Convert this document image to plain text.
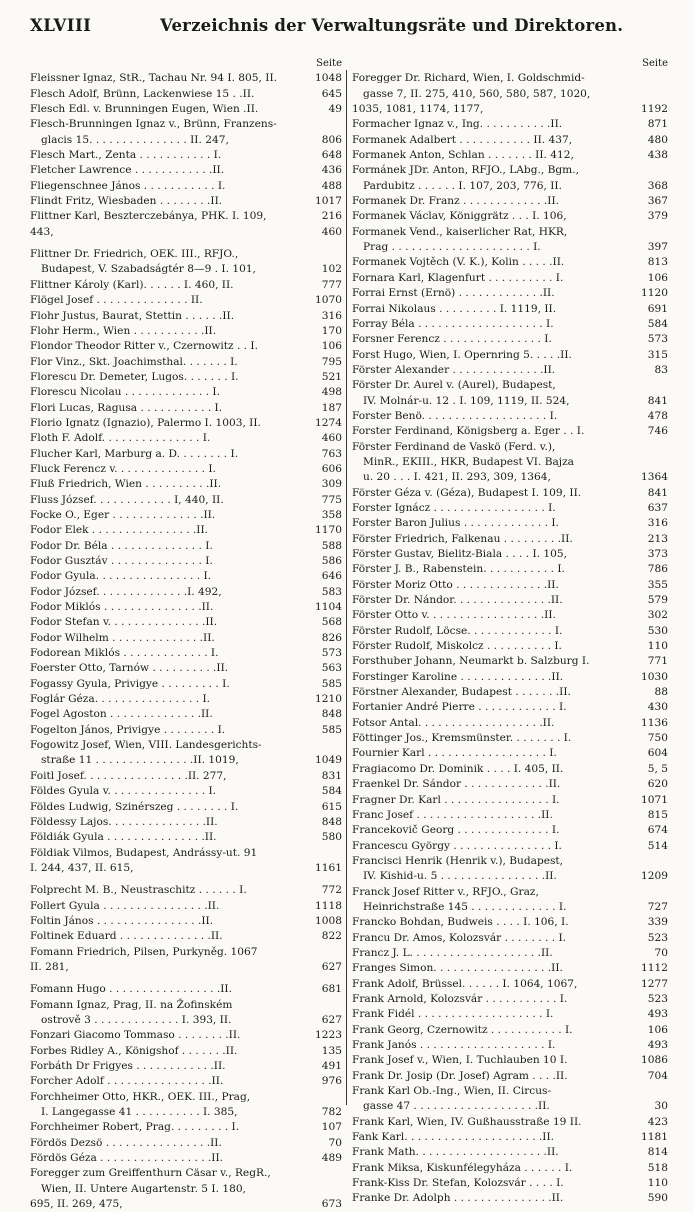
XLVIII	Verzeichnis der Verwaltungsräte und Direktoren.
Seite
Fleissner Ignaz, StR., Tachau Nr. 94 I. 805, II.	1048
Flesch Adolf, Brünn, Lackenwiese 15 . .II.	645
Flesch Edl. v. Brunningen Eugen, Wien .II.	49
Flesch-Brunningen Ignaz v., Brünn, Franzens-
glacis 15. . . . . . . . . . . . . . . II. 247,	806
Flesch Mart., Zenta . . . . . . . . . . . I.	648
Fletcher Lawrence . . . . . . . . . . . .II.	436
Fliegenschnee János . . . . . . . . . . . I.	488
Flindt Fritz, Wiesbaden . . . . . . . .II.	1017
Flittner Karl, Beszterczebánya, PHK. I. 109,	216
443,	460
Flittner Dr. Friedrich, OEK. III., RFJO.,
Budapest, V. Szabadságtér 8—9 . I. 101,	102
Flittner Károly (Karl). . . . . . I. 460, II.	777
Flögel Josef . . . . . . . . . . . . . . II.	1070
Flohr Justus, Baurat, Stettin . . . . . .II.	316
Flohr Herm., Wien . . . . . . . . . . .II.	170
Flondor Theodor Ritter v., Czernowitz . . I.	106
Flor Vinz., Skt. Joachimsthal. . . . . . . I.	795
Florescu Dr. Demeter, Lugos. . . . . . . I.	521
Florescu Nicolau . . . . . . . . . . . . . I.	498
Flori Lucas, Ragusa . . . . . . . . . . . I.	187
Florio Ignatz (Ignazio), Palermo I. 1003, II.	1274
Floth F. Adolf. . . . . . . . . . . . . . . I.	460
Flucher Karl, Marburg a. D. . . . . . . . I.	763
Fluck Ferencz v. . . . . . . . . . . . . . I.	606
Fluß Friedrich, Wien . . . . . . . . . .II.	309
Fluss József. . . . . . . . . . . . I, 440, II.	775
Focke O., Eger . . . . . . . . . . . . . .II.	358
Fodor Elek . . . . . . . . . . . . . . . .II.	1170
Fodor Dr. Béla . . . . . . . . . . . . . . I.	588
Fodor Gusztáv . . . . . . . . . . . . . . I.	586
Fodor Gyula. . . . . . . . . . . . . . . . I.	646
Fodor József. . . . . . . . . . . . . .I. 492,	583
Fodor Miklós . . . . . . . . . . . . . . .II.	1104
Fodor Stefan v. . . . . . . . . . . . . . .II.	568
Fodor Wilhelm . . . . . . . . . . . . . .II.	826
Fodorean Miklós . . . . . . . . . . . . . I.	573
Foerster Otto, Tarnów . . . . . . . . . .II.	563
Fogassy Gyula, Privigye . . . . . . . . . I.	585
Foglár Géza. . . . . . . . . . . . . . . . I.	1210
Fogel Agoston . . . . . . . . . . . . . .II.	848
Fogelton János, Privigye . . . . . . . . I.	585
Fogowitz Josef, Wien, VIII. Landesgerichts-
straße 11 . . . . . . . . . . . . . . .II. 1019,	1049
Foitl Josef. . . . . . . . . . . . . . . .II. 277,	831
Földes Gyula v. . . . . . . . . . . . . . . I.	584
Földes Ludwig, Szinérszeg . . . . . . . . I.	615
Földessy Lajos. . . . . . . . . . . . . . .II.	848
Földiák Gyula . . . . . . . . . . . . . . .II.	580
Földiak Vilmos, Budapest, Andrássy-ut. 91
I. 244, 437, II. 615,	1161
Folprecht M. B., Neustraschitz . . . . . . I.	772
Follert Gyula . . . . . . . . . . . . . . . .II.	1118
Foltin János . . . . . . . . . . . . . . . .II.	1008
Foltinek Eduard . . . . . . . . . . . . . .II.	822
Fomann Friedrich, Pilsen, Purkyněg. 1067
II. 281,	627
Fomann Hugo . . . . . . . . . . . . . . . . .II.	681
Fomann Ignaz, Prag, II. na Žofinském
ostrově 3 . . . . . . . . . . . . . I. 393, II.	627
Fonzari Giacomo Tommaso . . . . . . . .II.	1223
Forbes Ridley A., Königshof . . . . . . .II.	135
Forbáth Dr Frigyes . . . . . . . . . . . .II.	491
Forcher Adolf . . . . . . . . . . . . . . . .II.	976
Forchheimer Otto, HKR., OEK. III., Prag,
I. Langegasse 41 . . . . . . . . . . I. 385,	782
Forchheimer Robert, Prag. . . . . . . . . I.	107
Fördös Dezsö . . . . . . . . . . . . . . . .II.	70
Fördös Géza . . . . . . . . . . . . . . . . .II.	489
Foregger zum Greiffenthurn Cäsar v., RegR.,
Wien, II. Untere Augartenstr. 5 I. 180,
695, II. 269, 475,	673
Seite
Foregger Dr. Richard, Wien, I. Goldschmid-
gasse 7, II. 275, 410, 560, 580, 587, 1020,
1035, 1081, 1174, 1177,	1192
Formacher Ignaz v., Ing. . . . . . . . . . .II.	871
Formanek Adalbert . . . . . . . . . . . II. 437,	480
Formanek Anton, Schlan . . . . . . . II. 412,	438
Formánek JDr. Anton, RFJO., LAbg., Bgm.,
Pardubitz . . . . . . I. 107, 203, 776, II.	368
Formanek Dr. Franz . . . . . . . . . . . . .II.	367
Formanek Václav, Königgrätz . . . I. 106,	379
Formanek Vend., kaiserlicher Rat, HKR,
Prag . . . . . . . . . . . . . . . . . . . . . I.	397
Formanek Vojtěch (V. K.), Kolin . . . . .II.	813
Fornara Karl, Klagenfurt . . . . . . . . . . I.	106
Forrai Ernst (Ernö) . . . . . . . . . . . . .II.	1120
Forrai Nikolaus . . . . . . . . . I. 1119, II.	691
Forray Béla . . . . . . . . . . . . . . . . . . . I.	584
Forsner Ferencz . . . . . . . . . . . . . . . I.	573
Forst Hugo, Wien, I. Opernring 5. . . . .II.	315
Förster Alexander . . . . . . . . . . . . . .II.	83
Förster Dr. Aurel v. (Aurel), Budapest,
IV. Molnár-u. 12 . I. 109, 1119, II. 524,	841
Forster Benö. . . . . . . . . . . . . . . . . . . I.	478
Forster Ferdinand, Königsberg a. Eger . . I.	746
Förster Ferdinand de Vaskö (Ferd. v.),
MinR., EKIII., HKR, Budapest VI. Bajza
u. 20 . . . I. 421, II. 293, 309, 1364,	1364
Förster Géza v. (Géza), Budapest I. 109, II.	841
Forster Ignácz . . . . . . . . . . . . . . . . . I.	637
Forster Baron Julius . . . . . . . . . . . . . I.	316
Förster Friedrich, Falkenau . . . . . . . . .II.	213
Förster Gustav, Bielitz-Biala . . . . I. 105,	373
Förster J. B., Rabenstein. . . . . . . . . . . I.	786
Förster Moriz Otto . . . . . . . . . . . . . .II.	355
Förster Dr. Nándor. . . . . . . . . . . . . . .II.	579
Förster Otto v. . . . . . . . . . . . . . . . . .II.	302
Förster Rudolf, Löcse. . . . . . . . . . . . . I.	530
Förster Rudolf, Miskolcz . . . . . . . . . . I.	110
Forsthuber Johann, Neumarkt b. Salzburg I.	771
Forstinger Karoline . . . . . . . . . . . . . .II.	1030
Förstner Alexander, Budapest . . . . . . .II.	88
Fortanier André Pierre . . . . . . . . . . . . I.	430
Fotsor Antal. . . . . . . . . . . . . . . . . . .II.	1136
Föttinger Jos., Kremsmünster. . . . . . . . I.	750
Fournier Karl . . . . . . . . . . . . . . . . . . I.	604
Fragiacomo Dr. Dominik . . . . I. 405, II.	5, 5
Fraenkel Dr. Sándor . . . . . . . . . . . . .II.	620
Fragner Dr. Karl . . . . . . . . . . . . . . . . I.	1071
Franc Josef . . . . . . . . . . . . . . . . . . .II.	815
Francekovič Georg . . . . . . . . . . . . . . I.	674
Francescu György . . . . . . . . . . . . . . . I.	514
Francisci Henrik (Henrik v.), Budapest,
IV. Kishid-u. 5 . . . . . . . . . . . . . . . .II.	1209
Franck Josef Ritter v., RFJO., Graz,
Heinrichstraße 145 . . . . . . . . . . . . . I.	727
Francko Bohdan, Budweis . . . . I. 106, I.	339
Francu Dr. Amos, Kolozsvár . . . . . . . . I.	523
Francz J. L. . . . . . . . . . . . . . . . . . . .II.	70
Franges Simon. . . . . . . . . . . . . . . . . .II.	1112
Frank Adolf, Brüssel. . . . . . I. 1064, 1067,	1277
Frank Arnold, Kolozsvár . . . . . . . . . . . I.	523
Frank Fidél . . . . . . . . . . . . . . . . . . . I.	493
Frank Georg, Czernowitz . . . . . . . . . . . I.	106
Frank Janós . . . . . . . . . . . . . . . . . . . I.	493
Frank Josef v., Wien, I. Tuchlauben 10 I.	1086
Frank Dr. Josip (Dr. Josef) Agram . . . .II.	704
Frank Karl Ob.-Ing., Wien, II. Circus-
gasse 47 . . . . . . . . . . . . . . . . . . .II.	30
Frank Karl, Wien, IV. Gußhausstraße 19 II.	423
Fank Karl. . . . . . . . . . . . . . . . . . . . .II.	1181
Frank Math. . . . . . . . . . . . . . . . . . . .II.	814
Frank Miksa, Kiskunfélegyháza . . . . . . I.	518
Frank-Kiss Dr. Stefan, Kolozsvár . . . . I.	110
Franke Dr. Adolph . . . . . . . . . . . . . . .II.	590
